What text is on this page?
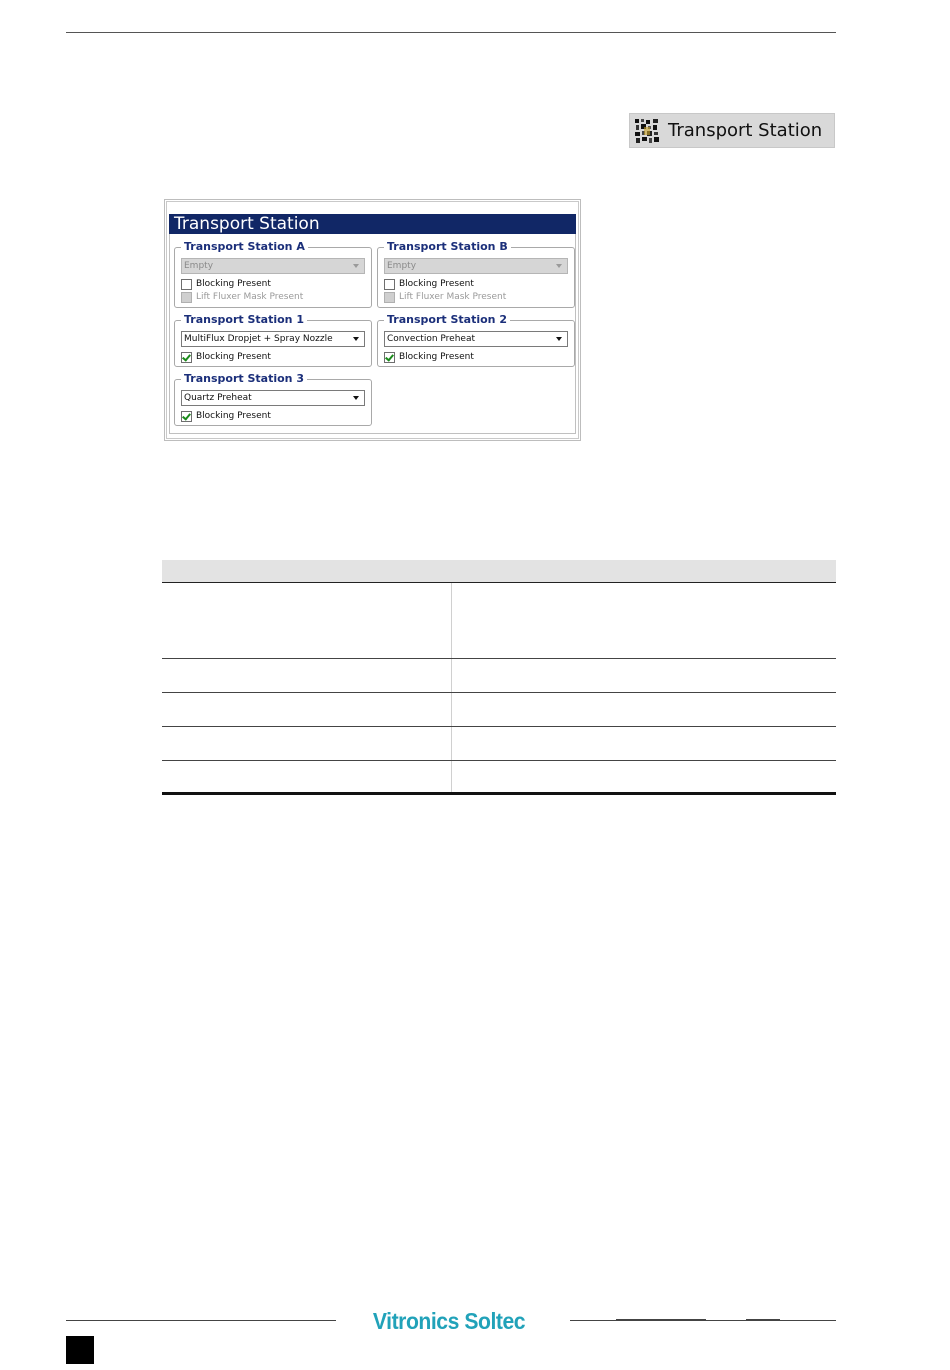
Transport Station
Transport Station
Transport Station A
Empty
Blocking Present
Lift Fluxer Mask Present
Transport Station B
Empty
Blocking Present
Lift Fluxer Mask Present
Transport Station 1
MultiFlux Dropjet + Spray Nozzle
Blocking Present
Transport Station 2
Convection Preheat
Blocking Present
Transport Station 3
Quartz Preheat
Blocking Present
Vitronics Soltec
